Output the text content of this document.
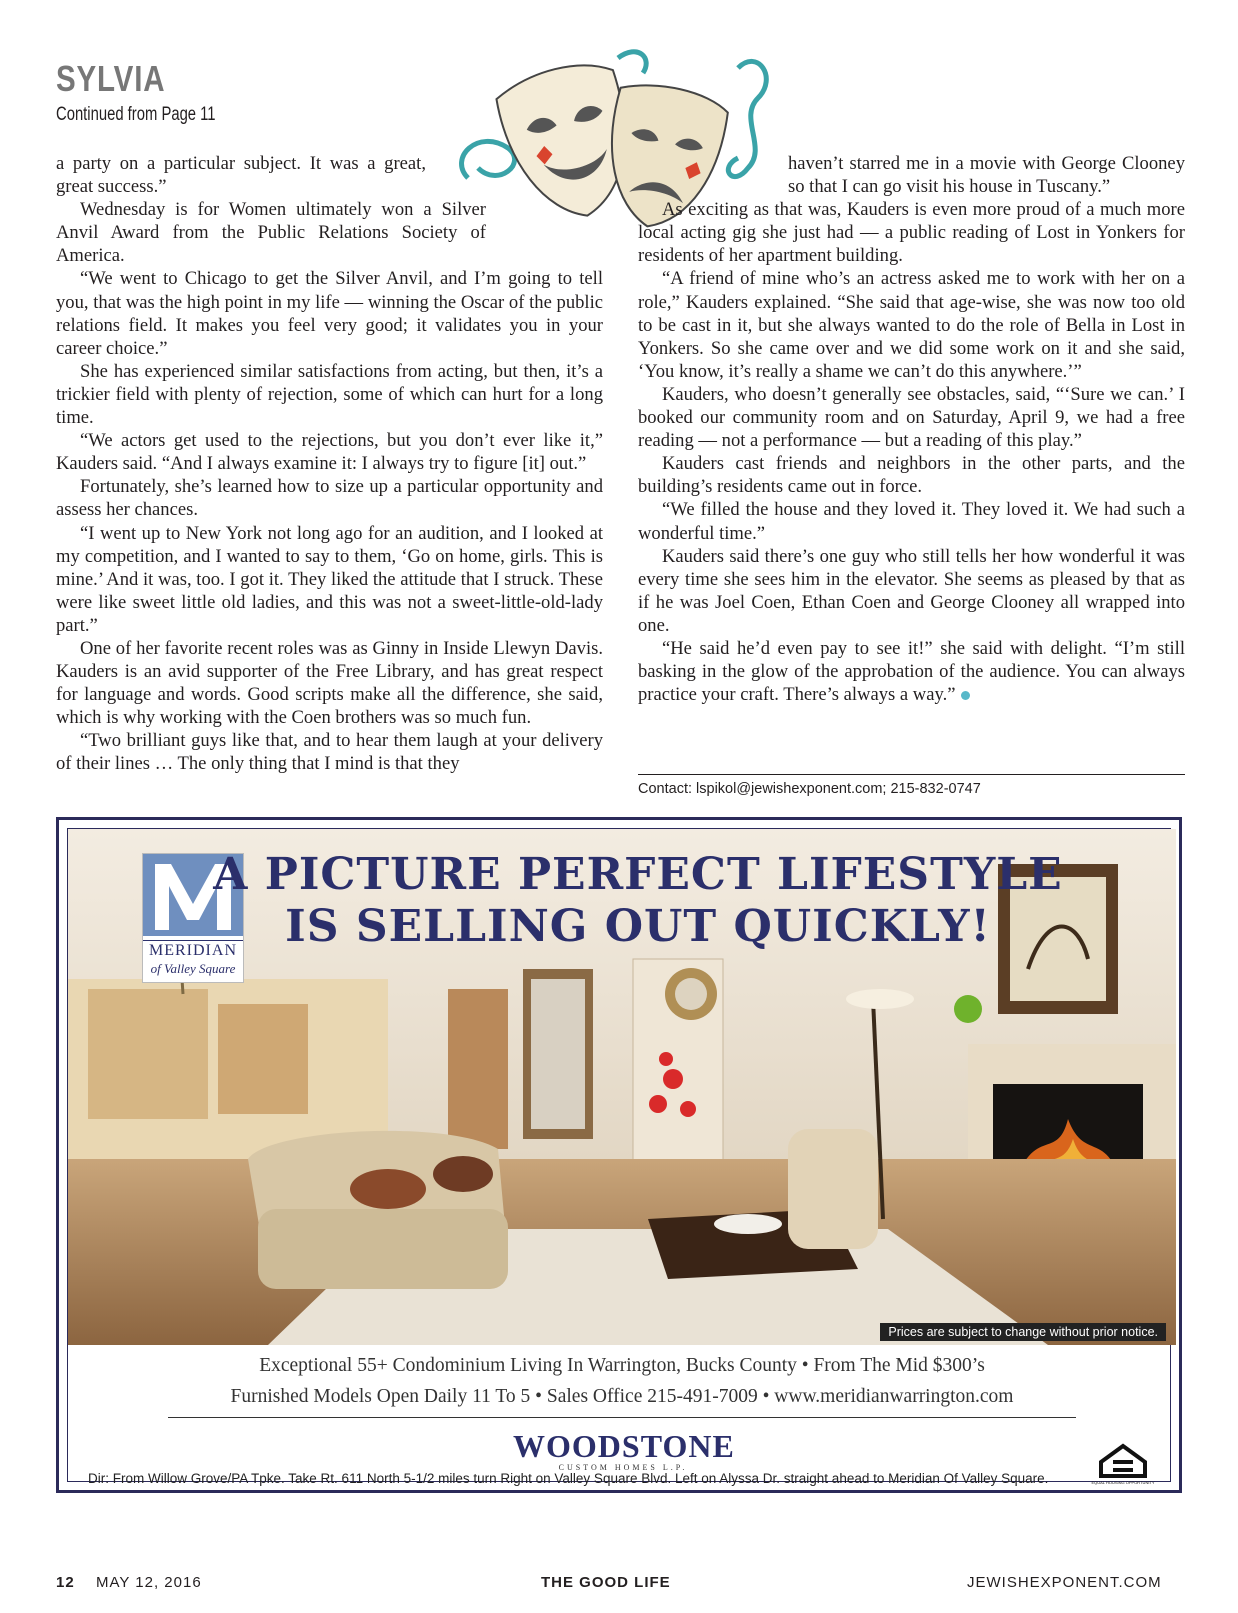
SYLVIA
Continued from Page 11

a party on a particular subject. It was a great, great success.”

Wednesday is for Women ultimately won a Silver Anvil Award from the Public Relations Society of America.

“We went to Chicago to get the Silver Anvil, and I’m going to tell you, that was the high point in my life — winning the Oscar of the public relations field. It makes you feel very good; it validates you in your career choice.”

She has experienced similar satisfactions from acting, but then, it’s a trickier field with plenty of rejection, some of which can hurt for a long time.

“We actors get used to the rejections, but you don’t ever like it,” Kauders said. “And I always examine it: I always try to figure [it] out.”

Fortunately, she’s learned how to size up a particular opportunity and assess her chances.

“I went up to New York not long ago for an audition, and I looked at my competition, and I wanted to say to them, ‘Go on home, girls. This is mine.’ And it was, too. I got it. They liked the attitude that I struck. These were like sweet little old ladies, and this was not a sweet-little-old-lady part.”

One of her favorite recent roles was as Ginny in Inside Llewyn Davis. Kauders is an avid supporter of the Free Library, and has great respect for language and words. Good scripts make all the difference, she said, which is why working with the Coen brothers was so much fun.

“Two brilliant guys like that, and to hear them laugh at your delivery of their lines … The only thing that I mind is that they

haven’t starred me in a movie with George Clooney so that I can go visit his house in Tuscany.”

As exciting as that was, Kauders is even more proud of a much more local acting gig she just had — a public reading of Lost in Yonkers for residents of her apartment building.

“A friend of mine who’s an actress asked me to work with her on a role,” Kauders explained. “She said that age-wise, she was now too old to be cast in it, but she always wanted to do the role of Bella in Lost in Yonkers. So she came over and we did some work on it and she said, ‘You know, it’s really a shame we can’t do this anywhere.’”

Kauders, who doesn’t generally see obstacles, said, “‘Sure we can.’ I booked our community room and on Saturday, April 9, we had a free reading — not a performance — but a reading of this play.”

Kauders cast friends and neighbors in the other parts, and the building’s residents came out in force.

“We filled the house and they loved it. They loved it. We had such a wonderful time.”

Kauders said there’s one guy who still tells her how wonderful it was every time she sees him in the elevator. She seems as pleased by that as if he was Joel Coen, Ethan Coen and George Clooney all wrapped into one.

“He said he’d even pay to see it!” she said with delight. “I’m still basking in the glow of the approbation of the audience. You can always practice your craft. There’s always a way.”

Contact: lspikol@jewishexponent.com; 215-832-0747
MERIDIAN
of Valley Square
A PICTURE PERFECT LIFESTYLE
IS SELLING OUT QUICKLY!
Prices are subject to change without prior notice.
Exceptional 55+ Condominium Living In Warrington, Bucks County • From The Mid $300’s
Furnished Models Open Daily 11 To 5 • Sales Office 215-491-7009 • www.meridianwarrington.com
WOODSTONE
CUSTOM HOMES L.P.
EQUAL HOUSING OPPORTUNITY
Dir: From Willow Grove/PA Tpke. Take Rt. 611 North 5-1/2 miles turn Right on Valley Square Blvd. Left on Alyssa Dr. straight ahead to Meridian Of Valley Square.
12 MAY 12, 2016	THE GOOD LIFE	JEWISHEXPONENT.COM
